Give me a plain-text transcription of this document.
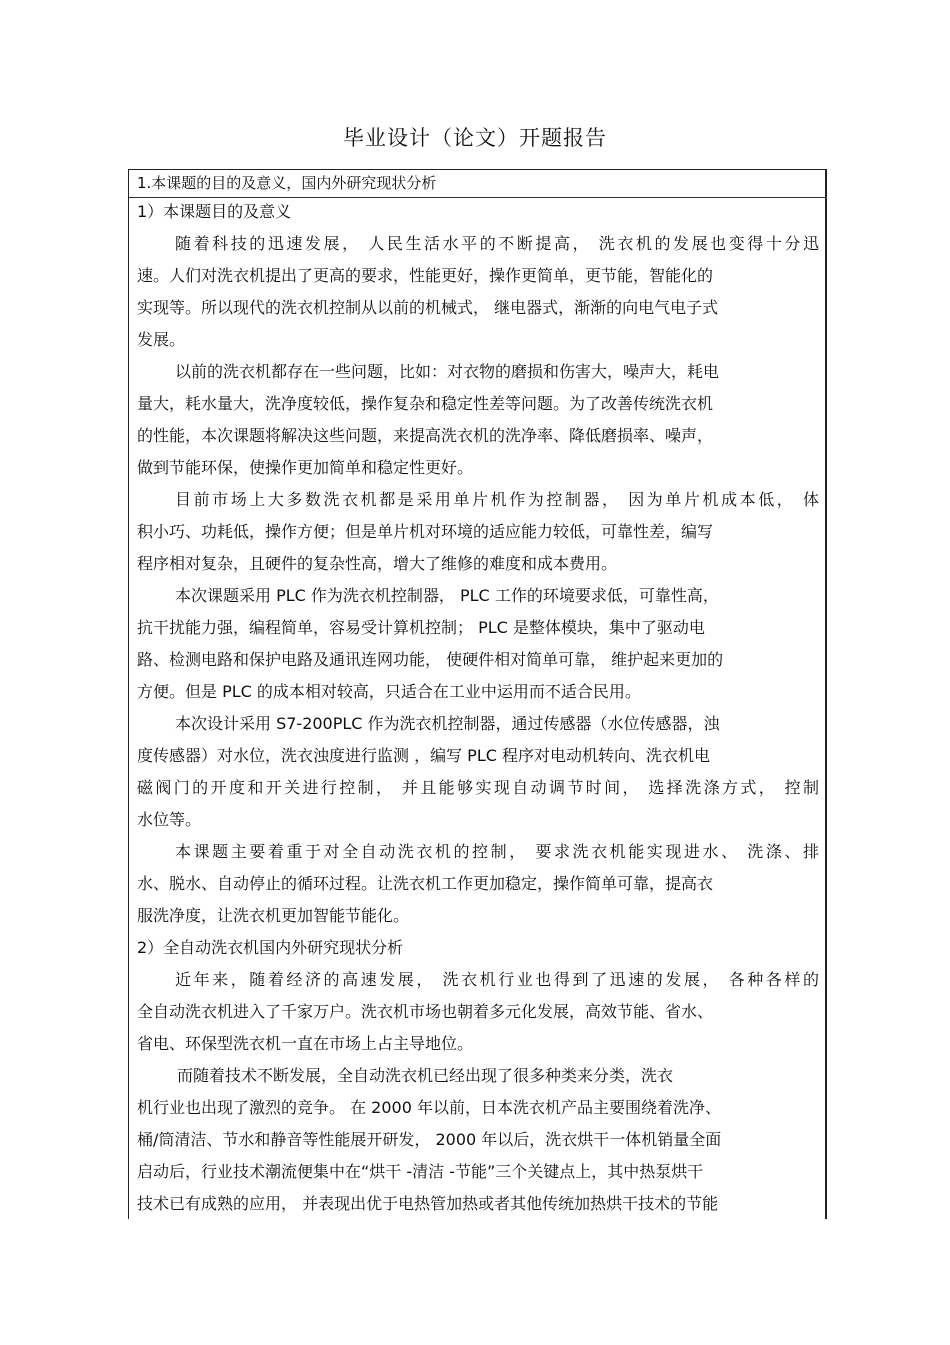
毕业设计（论文）开题报告
1.本课题的目的及意义，国内外研究现状分析
1）本课题目的及意义
随着科技的迅速发展， 人民生活水平的不断提高， 洗衣机的发展也变得十分迅
速。人们对洗衣机提出了更高的要求，性能更好，操作更简单，更节能，智能化的
实现等。所以现代的洗衣机控制从以前的机械式， 继电器式，渐渐的向电气电子式
发展。
以前的洗衣机都存在一些问题，比如：对衣物的磨损和伤害大，噪声大，耗电
量大，耗水量大，洗净度较低，操作复杂和稳定性差等问题。为了改善传统洗衣机
的性能，本次课题将解决这些问题，来提高洗衣机的洗净率、降低磨损率、噪声，
做到节能环保，使操作更加简单和稳定性更好。
目前市场上大多数洗衣机都是采用单片机作为控制器， 因为单片机成本低， 体
积小巧、功耗低，操作方便；但是单片机对环境的适应能力较低，可靠性差，编写
程序相对复杂，且硬件的复杂性高，增大了维修的难度和成本费用。
本次课题采用 PLC 作为洗衣机控制器， PLC 工作的环境要求低，可靠性高，
抗干扰能力强，编程简单，容易受计算机控制； PLC 是整体模块，集中了驱动电
路、检测电路和保护电路及通讯连网功能， 使硬件相对简单可靠， 维护起来更加的
方便。但是 PLC 的成本相对较高，只适合在工业中运用而不适合民用。
本次设计采用 S7-200PLC 作为洗衣机控制器，通过传感器（水位传感器，浊
度传感器）对水位，洗衣浊度进行监测 ，编写 PLC 程序对电动机转向、洗衣机电
磁阀门的开度和开关进行控制， 并且能够实现自动调节时间， 选择洗涤方式， 控制
水位等。
本课题主要着重于对全自动洗衣机的控制， 要求洗衣机能实现进水、 洗涤、排
水、脱水、自动停止的循环过程。让洗衣机工作更加稳定，操作简单可靠，提高衣
服洗净度，让洗衣机更加智能节能化。
2）全自动洗衣机国内外研究现状分析
近年来，随着经济的高速发展， 洗衣机行业也得到了迅速的发展， 各种各样的
全自动洗衣机进入了千家万户。洗衣机市场也朝着多元化发展，高效节能、省水、
省电、环保型洗衣机一直在市场上占主导地位。
而随着技术不断发展，全自动洗衣机已经出现了很多种类来分类，洗衣
机行业也出现了激烈的竞争。 在 2000 年以前，日本洗衣机产品主要围绕着洗净、
桶/筒清洁、节水和静音等性能展开研发， 2000 年以后，洗衣烘干一体机销量全面
启动后，行业技术潮流便集中在“烘干 -清洁 -节能”三个关键点上，其中热泵烘干
技术已有成熟的应用， 并表现出优于电热管加热或者其他传统加热烘干技术的节能
